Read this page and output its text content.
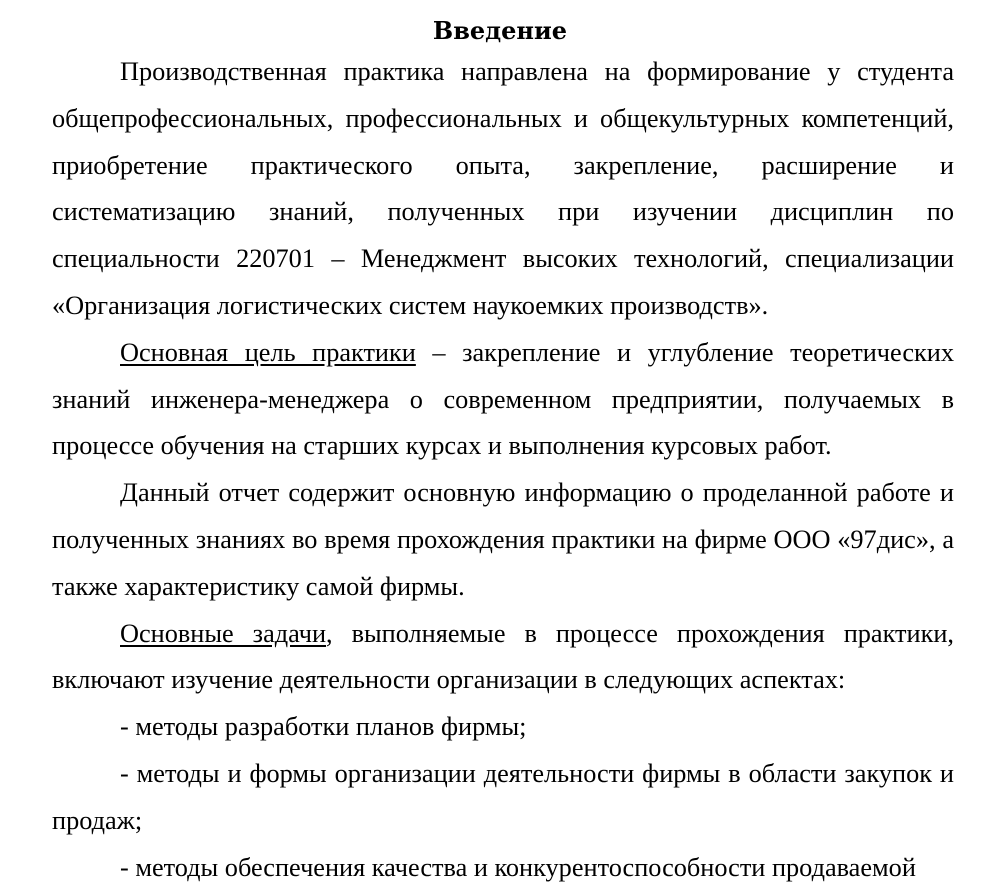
Введение

Производственная практика направлена на формирование у студента общепрофессиональных, профессиональных и общекультурных компетенций, приобретение практического опыта, закрепление, расширение и систематизацию знаний, полученных при изучении дисциплин по специальности 220701 – Менеджмент высоких технологий, специализации «Организация логистических систем наукоемких производств».

Основная цель практики – закрепление и углубление теоретических знаний инженера-менеджера о современном предприятии, получаемых в процессе обучения на старших курсах и выполнения курсовых работ.

Данный отчет содержит основную информацию о проделанной работе и полученных знаниях во время прохождения практики на фирме ООО «97дис», а также характеристику самой фирмы.

Основные задачи, выполняемые в процессе прохождения практики, включают изучение деятельности организации в следующих аспектах:

- методы разработки планов фирмы;

- методы и формы организации деятельности фирмы в области закупок и продаж;

- методы обеспечения качества и конкурентоспособности продаваемой
